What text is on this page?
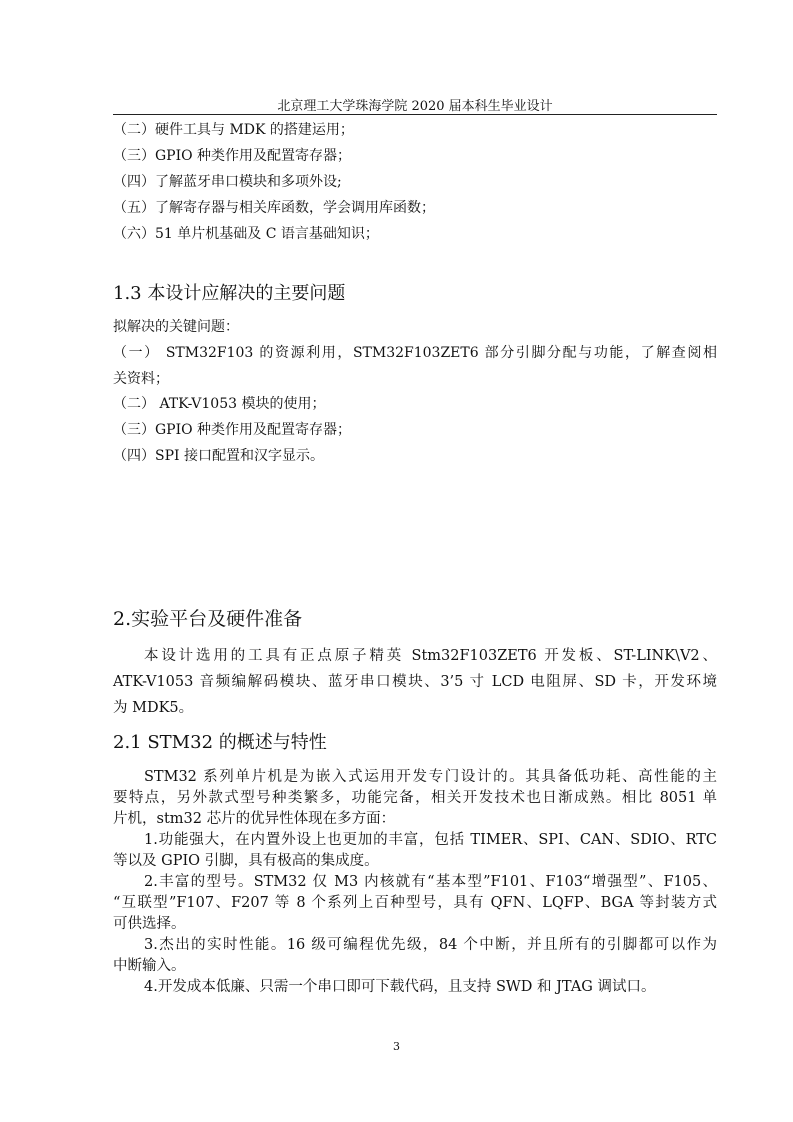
北京理工大学珠海学院 2020 届本科生毕业设计
（二）硬件工具与 MDK 的搭建运用；
（三）GPIO 种类作用及配置寄存器；
（四）了解蓝牙串口模块和多项外设;
（五）了解寄存器与相关库函数，学会调用库函数；
（六）51 单片机基础及 C 语言基础知识；
1.3 本设计应解决的主要问题
拟解决的关键问题：
（一） STM32F103 的资源利用，STM32F103ZET6 部分引脚分配与功能，了解查阅相
关资料；
（二） ATK-V1053 模块的使用；
（三）GPIO 种类作用及配置寄存器；
（四）SPI 接口配置和汉字显示。
2.实验平台及硬件准备
本设计选用的工具有正点原子精英 Stm32F103ZET6 开发板、ST-LINK\V2、
ATK-V1053 音频编解码模块、蓝牙串口模块、3’5 寸 LCD 电阻屏、SD 卡，开发环境
为 MDK5。
2.1 STM32 的概述与特性
STM32 系列单片机是为嵌入式运用开发专门设计的。其具备低功耗、高性能的主
要特点，另外款式型号种类繁多，功能完备，相关开发技术也日渐成熟。相比 8051 单
片机，stm32 芯片的优异性体现在多方面：
1.功能强大，在内置外设上也更加的丰富，包括 TIMER、SPI、CAN、SDIO、RTC
等以及 GPIO 引脚，具有极高的集成度。
2.丰富的型号。STM32 仅 M3 内核就有“基本型”F101、F103“增强型”、F105、
“互联型”F107、F207 等 8 个系列上百种型号，具有 QFN、LQFP、BGA 等封装方式
可供选择。
3.杰出的实时性能。16 级可编程优先级，84 个中断，并且所有的引脚都可以作为
中断输入。
4.开发成本低廉、只需一个串口即可下载代码，且支持 SWD 和 JTAG 调试口。
3
